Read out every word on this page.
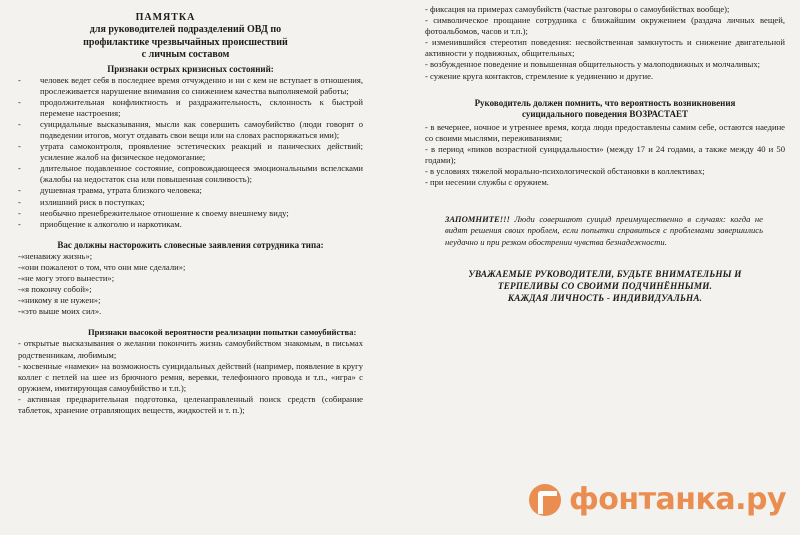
ПАМЯТКА
для руководителей подразделений ОВД по
профилактике чрезвычайных происшествий
с личным составом
Признаки острых кризисных состояний:
- человек ведет себя в последнее время отчужденно и ни с кем не вступает в отношения, прослеживается нарушение внимания со снижением качества выполняемой работы;
- продолжительная конфликтность и раздражительность, склонность к быстрой перемене настроения;
- суицидальные высказывания, мысли как совершить самоубийство (люди говорят о подведении итогов, могут отдавать свои вещи или на словах распоряжаться ими);
- утрата самоконтроля, проявление эстетических реакций и панических действий; усиление жалоб на физическое недомогание;
- длительное подавленное состояние, сопровождающееся эмоциональными вспелсками (жалобы на недостаток сна или повышенная сонливость);
- душевная травма, утрата близкого человека;
- излишний риск в поступках;
- необычно пренебрежительное отношение к своему внешнему виду;
- приобщение к алкоголю и наркотикам.
Вас должны насторожить словесные заявления сотрудника типа:
-«ненавижу жизнь»;
-«они пожалеют о том, что они мне сделали»;
-«не могу этого вынести»;
-«я покончу собой»;
-«никому я не нужен»;
-«это выше моих сил».
Признаки высокой вероятности реализации попытки самоубийства:
- открытые высказывания о желании покончить жизнь самоубийством знакомым, в письмах родственникам, любимым;
- косвенные «намеки» на возможность суицидальных действий (например, появление в кругу коллег с петлей на шее из брючного ремня, веревки, телефонного провода и т.п., «игра» с оружием, имитирующая самоубийство и т.п.);
- активная предварительная подготовка, целенаправленный поиск средств (собирание таблеток, хранение отравляющих веществ, жидкостей и т. п.);
- фиксация на примерах самоубийств (частые разговоры о самоубийствах вообще);
- символическое прощание сотрудника с ближайшим окружением (раздача личных вещей, фотоальбомов, часов и т.п.);
- изменившийся стереотип поведения: несвойственная замкнутость и снижение двигательной активности у подвижных, общительных;
- возбужденное поведение и повышенная общительность у малоподвижных и молчаливых;
- сужение круга контактов, стремление к уединению и другие.
Руководитель должен помнить, что вероятность возникновения суицидального поведения ВОЗРАСТАЕТ
- в вечернее, ночное и утреннее время, когда люди предоставлены самим себе, остаются наедине со своими мыслями, переживаниями;
- в период «пиков возрастной суицидальности» (между 17 и 24 годами, а также между 40 и 50 годами);
- в условиях тяжелой морально-психологической обстановки в коллективах;
- при несении службы с оружием.
ЗАПОМНИТЕ!!! Люди совершают суицид преимущественно в случаях: когда не видят решения своих проблем, если попытки справиться с проблемами завершились неудачно и при резком обострении чувства безнадежности.
УВАЖАЕМЫЕ РУКОВОДИТЕЛИ, БУДЬТЕ ВНИМАТЕЛЬНЫ И
ТЕРПЕЛИВЫ СО СВОИМИ ПОДЧИНЁННЫМИ.
КАЖДАЯ ЛИЧНОСТЬ - ИНДИВИДУАЛЬНА.
фонтанка.ру
